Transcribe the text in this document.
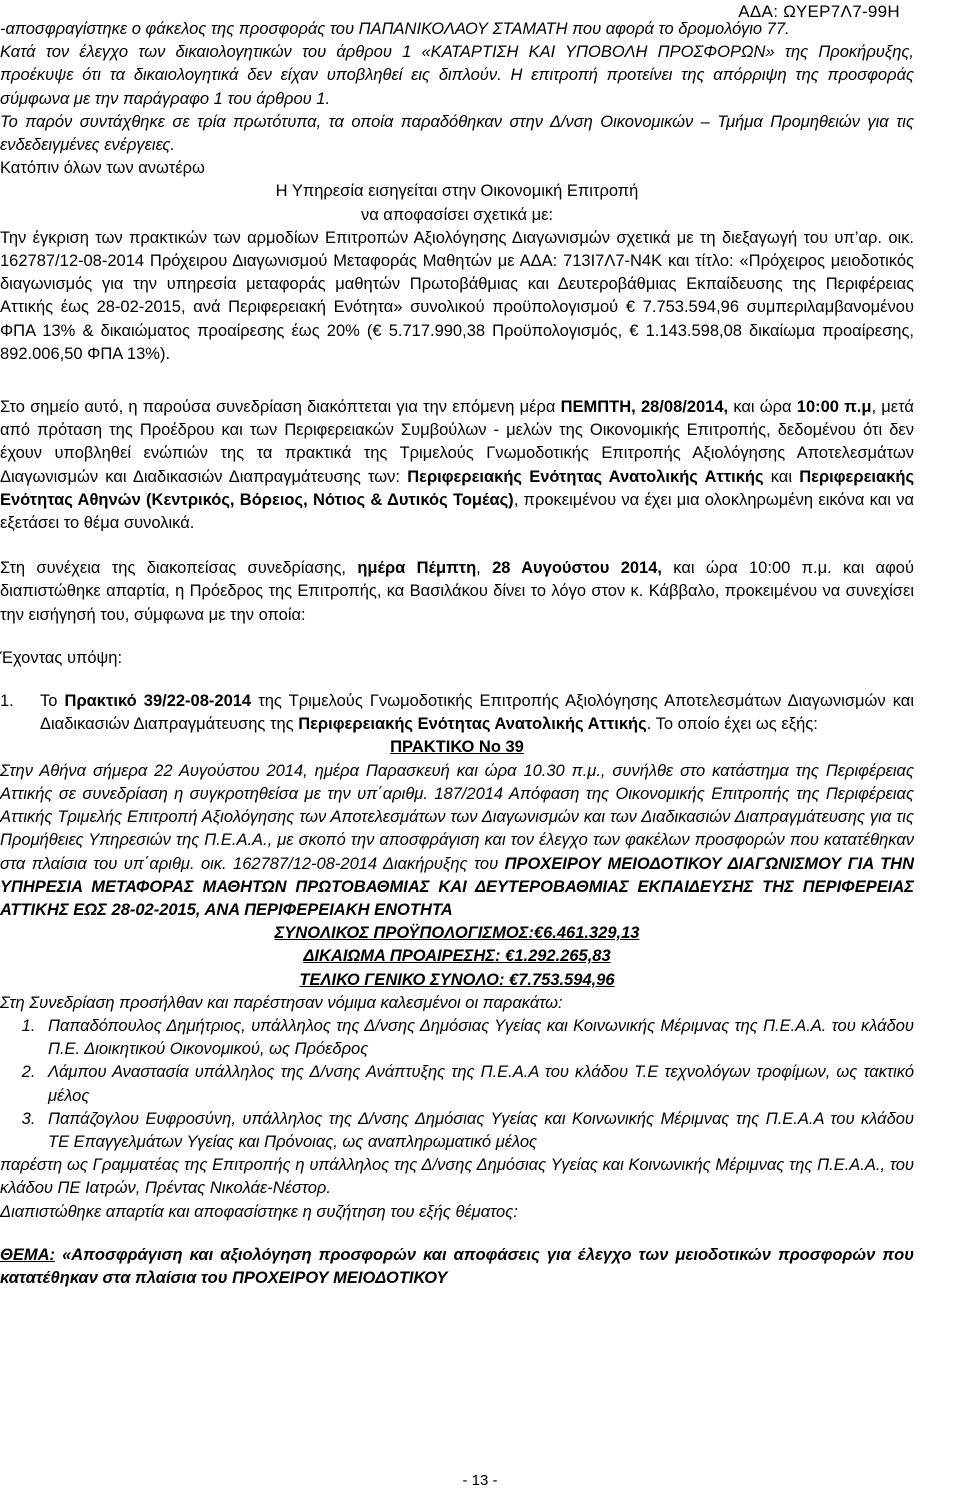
ΑΔΑ: ΩΥΕΡ7Λ7-99Η

-αποσφραγίστηκε ο φάκελος της προσφοράς του ΠΑΠΑΝΙΚΟΛΑΟΥ ΣΤΑΜΑΤΗ που αφορά το δρομολόγιο 77.

Κατά τον έλεγχο των δικαιολογητικών του άρθρου 1 «ΚΑΤΑΡΤΙΣΗ ΚΑΙ ΥΠΟΒΟΛΗ ΠΡΟΣΦΟΡΩΝ» της Προκήρυξης, προέκυψε ότι τα δικαιολογητικά δεν είχαν υποβληθεί εις διπλούν. Η επιτροπή προτείνει της απόρριψη της προσφοράς σύμφωνα με την παράγραφο 1 του άρθρου 1.

Το παρόν συντάχθηκε σε τρία πρωτότυπα, τα οποία παραδόθηκαν στην Δ/νση Οικονομικών – Τμήμα Προμηθειών για τις ενδεδειγμένες ενέργειες.

Κατόπιν όλων των ανωτέρω

Η Υπηρεσία εισηγείται στην Οικονομική Επιτροπή

να αποφασίσει σχετικά με:

Την έγκριση των πρακτικών των αρμοδίων Επιτροπών Αξιολόγησης Διαγωνισμών σχετικά με τη διεξαγωγή του υπ’αρ. οικ. 162787/12-08-2014 Πρόχειρου Διαγωνισμού Μεταφοράς Μαθητών με ΑΔΑ: 713Ι7Λ7-Ν4Κ και τίτλο: «Πρόχειρος μειοδοτικός διαγωνισμός για την υπηρεσία μεταφοράς μαθητών Πρωτοβάθμιας και Δευτεροβάθμιας Εκπαίδευσης της Περιφέρειας Αττικής έως 28-02-2015, ανά Περιφερειακή Ενότητα» συνολικού προϋπολογισμού € 7.753.594,96 συμπεριλαμβανομένου ΦΠΑ 13% & δικαιώματος προαίρεσης έως 20% (€ 5.717.990,38 Προϋπολογισμός, € 1.143.598,08 δικαίωμα προαίρεσης, 892.006,50 ΦΠΑ 13%).

Στο σημείο αυτό, η παρούσα συνεδρίαση διακόπτεται για την επόμενη μέρα ΠΕΜΠΤΗ, 28/08/2014, και ώρα 10:00 π.μ, μετά από πρόταση της Προέδρου και των Περιφερειακών Συμβούλων - μελών της Οικονομικής Επιτροπής, δεδομένου ότι δεν έχουν υποβληθεί ενώπιών της τα πρακτικά της Τριμελούς Γνωμοδοτικής Επιτροπής Αξιολόγησης Αποτελεσμάτων Διαγωνισμών και Διαδικασιών Διαπραγμάτευσης των: Περιφερειακής Ενότητας Ανατολικής Αττικής και Περιφερειακής Ενότητας Αθηνών (Κεντρικός, Βόρειος, Νότιος & Δυτικός Τομέας), προκειμένου να έχει μια ολοκληρωμένη εικόνα και να εξετάσει το θέμα συνολικά.

Στη συνέχεια της διακοπείσας συνεδρίασης, ημέρα Πέμπτη, 28 Αυγούστου 2014, και ώρα 10:00 π.μ. και αφού διαπιστώθηκε απαρτία, η Πρόεδρος της Επιτροπής, κα Βασιλάκου δίνει το λόγο στον κ. Κάββαλο, προκειμένου να συνεχίσει την εισήγησή του, σύμφωνα με την οποία:

Έχοντας υπόψη:

1.	Το Πρακτικό 39/22-08-2014 της Τριμελούς Γνωμοδοτικής Επιτροπής Αξιολόγησης Αποτελεσμάτων Διαγωνισμών και Διαδικασιών Διαπραγμάτευσης της Περιφερειακής Ενότητας Ανατολικής Αττικής. Το οποίο έχει ως εξής:

ΠΡΑΚΤΙΚΟ Νο 39

Στην Αθήνα σήμερα 22 Αυγούστου 2014, ημέρα Παρασκευή και ώρα 10.30 π.μ., συνήλθε στο κατάστημα της Περιφέρειας Αττικής σε συνεδρίαση η συγκροτηθείσα με την υπ΄αριθμ. 187/2014 Απόφαση της Οικονομικής Επιτροπής της Περιφέρειας Αττικής Τριμελής Επιτροπή Αξιολόγησης των Αποτελεσμάτων των Διαγωνισμών και των Διαδικασιών Διαπραγμάτευσης για τις Προμήθειες Υπηρεσιών της Π.Ε.Α.Α., με σκοπό την αποσφράγιση και τον έλεγχο των φακέλων προσφορών που κατατέθηκαν στα πλαίσια του υπ΄αριθμ. οικ. 162787/12-08-2014 Διακήρυξης του ΠΡΟΧΕΙΡΟΥ ΜΕΙΟΔΟΤΙΚΟΥ ΔΙΑΓΩΝΙΣΜΟΥ ΓΙΑ ΤΗΝ ΥΠΗΡΕΣΙΑ ΜΕΤΑΦΟΡΑΣ ΜΑΘΗΤΩΝ ΠΡΩΤΟΒΑΘΜΙΑΣ ΚΑΙ ΔΕΥΤΕΡΟΒΑΘΜΙΑΣ ΕΚΠΑΙΔΕΥΣΗΣ ΤΗΣ ΠΕΡΙΦΕΡΕΙΑΣ ΑΤΤΙΚΗΣ ΕΩΣ 28-02-2015, ΑΝΑ ΠΕΡΙΦΕΡΕΙΑΚΗ ΕΝΟΤΗΤΑ

ΣΥΝΟΛΙΚΟΣ ΠΡΟΫΠΟΛΟΓΙΣΜΟΣ:€6.461.329,13

ΔΙΚΑΙΩΜΑ ΠΡΟΑΙΡΕΣΗΣ: €1.292.265,83

ΤΕΛΙΚΟ ΓΕΝΙΚΟ ΣΥΝΟΛΟ: €7.753.594,96

Στη Συνεδρίαση προσήλθαν και παρέστησαν νόμιμα καλεσμένοι οι παρακάτω:

1. Παπαδόπουλος Δημήτριος, υπάλληλος της Δ/νσης Δημόσιας Υγείας και Κοινωνικής Μέριμνας της Π.Ε.Α.Α. του κλάδου Π.Ε. Διοικητικού Οικονομικού, ως Πρόεδρος
2. Λάμπου Αναστασία υπάλληλος της Δ/νσης Ανάπτυξης της Π.Ε.Α.Α του κλάδου Τ.Ε τεχνολόγων τροφίμων, ως τακτικό μέλος
3. Παπάζογλου Ευφροσύνη, υπάλληλος της Δ/νσης Δημόσιας Υγείας και Κοινωνικής Μέριμνας της Π.Ε.Α.Α του κλάδου ΤΕ Επαγγελμάτων Υγείας και Πρόνοιας, ως αναπληρωματικό μέλος

παρέστη ως Γραμματέας της Επιτροπής η υπάλληλος της Δ/νσης Δημόσιας Υγείας και Κοινωνικής Μέριμνας της Π.Ε.Α.Α., του κλάδου ΠΕ Ιατρών, Πρέντας Νικολάε-Νέστορ.

Διαπιστώθηκε απαρτία και αποφασίστηκε η συζήτηση του εξής θέματος:

ΘΕΜΑ: «Αποσφράγιση και αξιολόγηση προσφορών και αποφάσεις για έλεγχο των μειοδοτικών προσφορών που κατατέθηκαν στα πλαίσια του ΠΡΟΧΕΙΡΟΥ ΜΕΙΟΔΟΤΙΚΟΥ

- 13 -
